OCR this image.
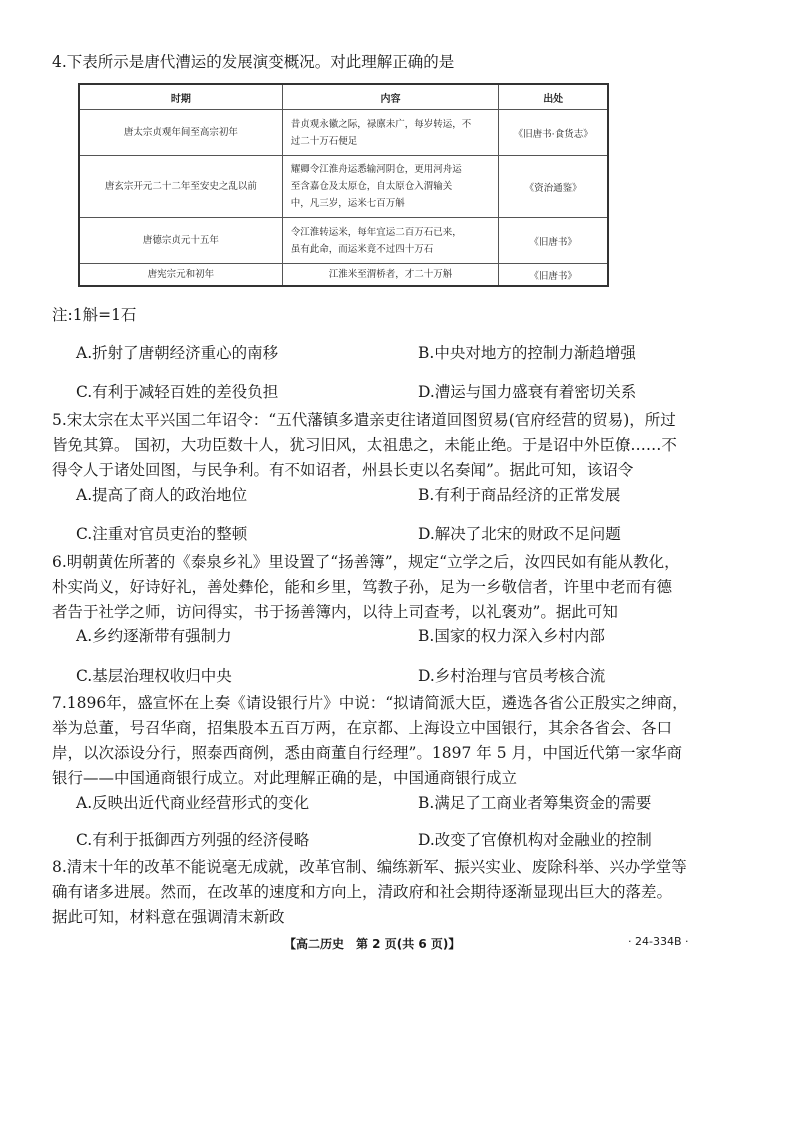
4.下表所示是唐代漕运的发展演变概况。对此理解正确的是
时期	内容	出处
唐太宗贞观年间至高宗初年	昔贞观永徽之际，禄廪未广，每岁转运，不
过二十万石便足	《旧唐书·食货志》
唐玄宗开元二十二年至安史之乱以前	耀卿令江淮舟运悉输河阴仓，更用河舟运
至含嘉仓及太原仓，自太原仓入渭输关
中，凡三岁，运米七百万斛	《资治通鉴》
唐德宗贞元十五年	令江淮转运米，每年宜运二百万石已来，
虽有此命，而运米竟不过四十万石	《旧唐书》
唐宪宗元和初年	江淮米至渭桥者，才二十万斛	《旧唐书》
注:1斛=1石
A.折射了唐朝经济重心的南移	B.中央对地方的控制力渐趋增强
C.有利于减轻百姓的差役负担	D.漕运与国力盛衰有着密切关系
5.宋太宗在太平兴国二年诏令：“五代藩镇多遣亲吏往诸道回图贸易(官府经营的贸易)，所过
皆免其算。 国初，大功臣数十人，犹习旧风，太祖患之，未能止绝。于是诏中外臣僚……不
得令人于诸处回图，与民争利。有不如诏者，州县长吏以名奏闻”。据此可知，该诏令
A.提高了商人的政治地位	B.有利于商品经济的正常发展
C.注重对官员吏治的整顿	D.解决了北宋的财政不足问题
6.明朝黄佐所著的《泰泉乡礼》里设置了“扬善簿”，规定“立学之后，汝四民如有能从教化，
朴实尚义，好诗好礼，善处彝伦，能和乡里，笃教子孙，足为一乡敬信者，许里中老而有德
者告于社学之师，访问得实，书于扬善簿内，以待上司查考，以礼褒劝”。据此可知
A.乡约逐渐带有强制力	B.国家的权力深入乡村内部
C.基层治理权收归中央	D.乡村治理与官员考核合流
7.1896年，盛宣怀在上奏《请设银行片》中说：“拟请简派大臣，遴选各省公正殷实之绅商，
举为总董，号召华商，招集股本五百万两，在京都、上海设立中国银行，其余各省会、各口
岸，以次添设分行，照泰西商例，悉由商董自行经理”。1897 年 5 月，中国近代第一家华商
银行——中国通商银行成立。对此理解正确的是，中国通商银行成立
A.反映出近代商业经营形式的变化	B.满足了工商业者筹集资金的需要
C.有利于抵御西方列强的经济侵略	D.改变了官僚机构对金融业的控制
8.清末十年的改革不能说毫无成就，改革官制、编练新军、振兴实业、废除科举、兴办学堂等
确有诸多进展。然而，在改革的速度和方向上，清政府和社会期待逐渐显现出巨大的落差。
据此可知，材料意在强调清末新政
【高二历史　第 2 页(共 6 页)】	· 24-334B ·
